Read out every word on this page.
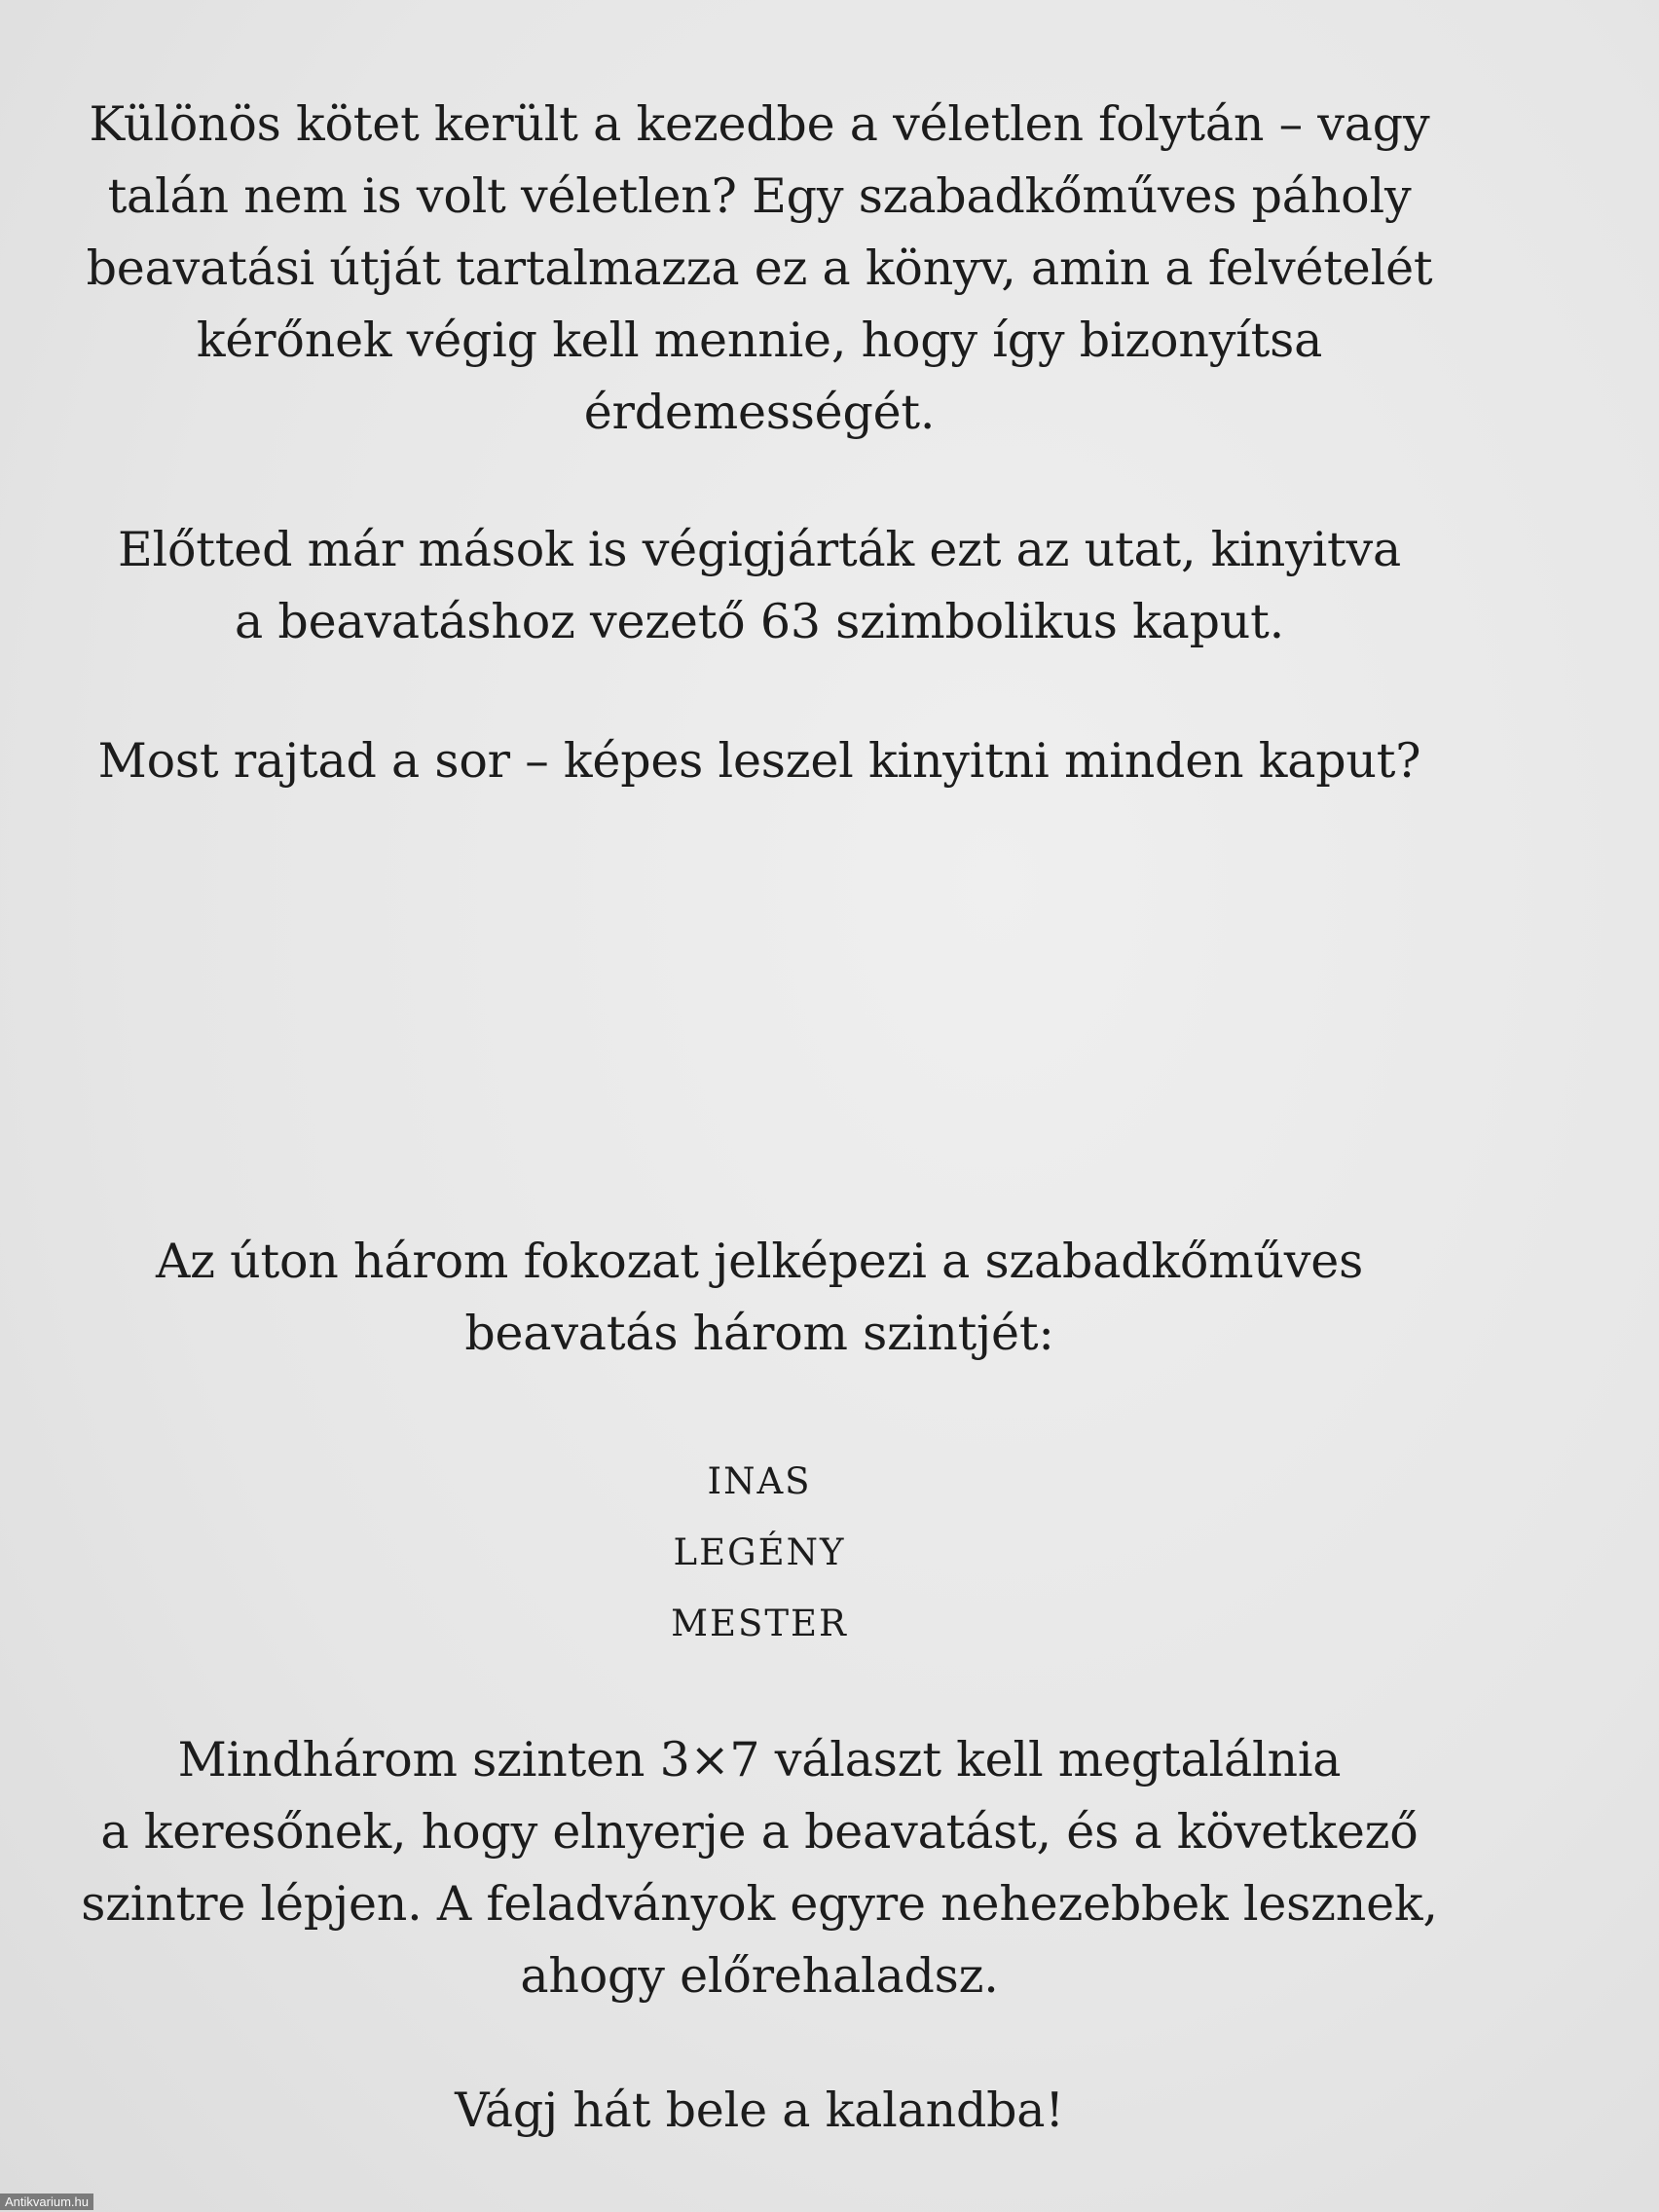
Különös kötet került a kezedbe a véletlen folytán – vagy
talán nem is volt véletlen? Egy szabadkőműves páholy
beavatási útját tartalmazza ez a könyv, amin a felvételét
kérőnek végig kell mennie, hogy így bizonyítsa
érdemességét.
Előtted már mások is végigjárták ezt az utat, kinyitva
a beavatáshoz vezető 63 szimbolikus kaput.
Most rajtad a sor – képes leszel kinyitni minden kaput?
Az úton három fokozat jelképezi a szabadkőműves
beavatás három szintjét:
INAS
LEGÉNY
MESTER
Mindhárom szinten 3×7 választ kell megtalálnia
a keresőnek, hogy elnyerje a beavatást, és a következő
szintre lépjen. A feladványok egyre nehezebbek lesznek,
ahogy előrehaladsz.
Vágj hát bele a kalandba!
Antikvarium.hu
